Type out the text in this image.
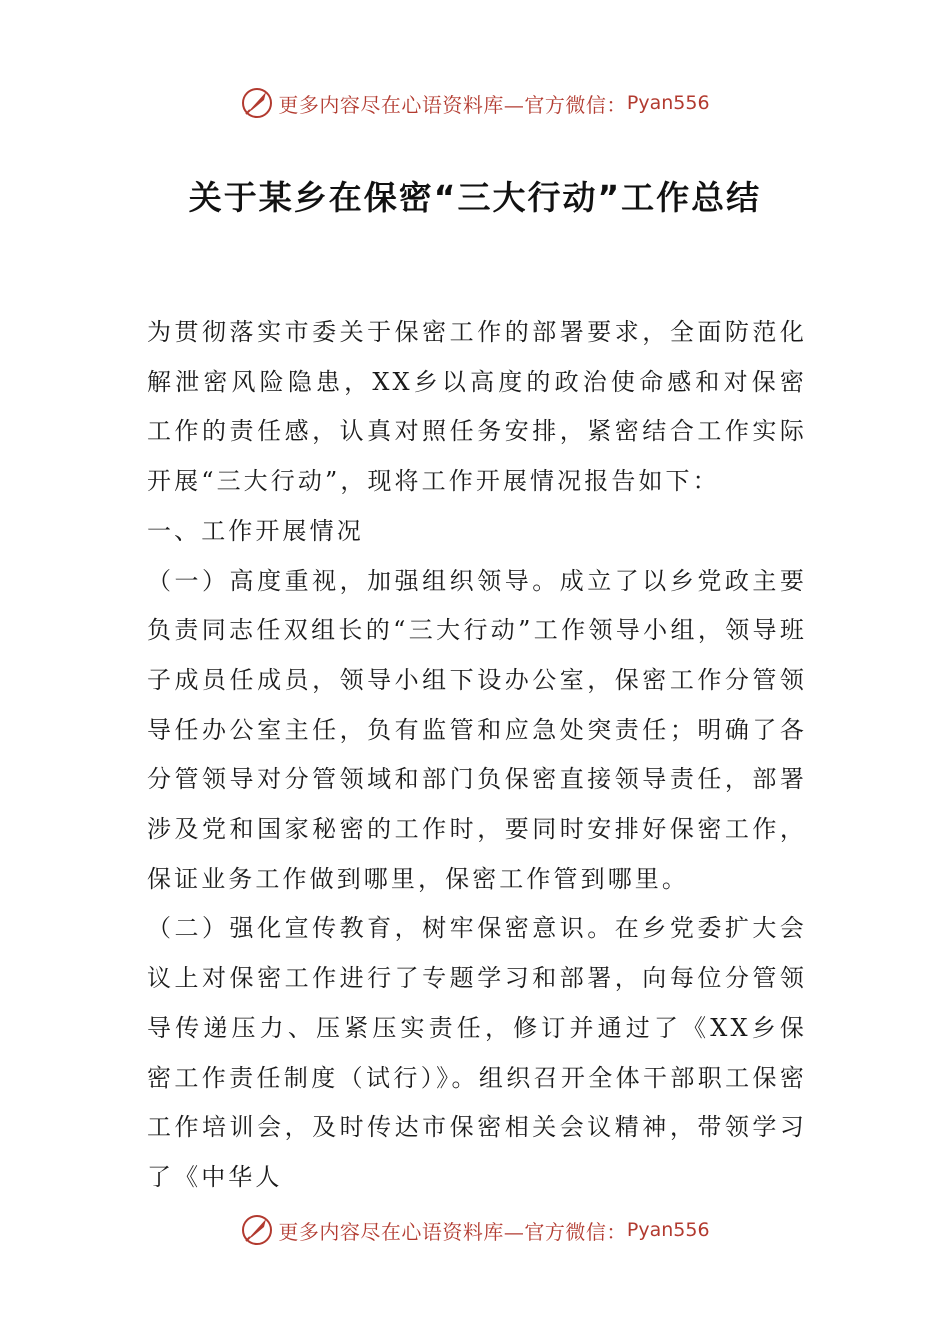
更多内容尽在心语资料库—官方微信： Pyan556
关于某乡在保密“三大行动”工作总结

为贯彻落实市委关于保密工作的部署要求，全面防范化解泄密风险隐患，XX乡以高度的政治使命感和对保密工作的责任感，认真对照任务安排，紧密结合工作实际开展“三大行动”，现将工作开展情况报告如下：

一、工作开展情况

（一）高度重视，加强组织领导。成立了以乡党政主要负责同志任双组长的“三大行动”工作领导小组，领导班子成员任成员，领导小组下设办公室，保密工作分管领导任办公室主任，负有监管和应急处突责任；明确了各分管领导对分管领域和部门负保密直接领导责任，部署涉及党和国家秘密的工作时，要同时安排好保密工作，保证业务工作做到哪里，保密工作管到哪里。

（二）强化宣传教育，树牢保密意识。在乡党委扩大会议上对保密工作进行了专题学习和部署，向每位分管领导传递压力、压紧压实责任，修订并通过了《XX乡保密工作责任制度（试行）》。组织召开全体干部职工保密工作培训会，及时传达市保密相关会议精神，带领学习了《中华人

更多内容尽在心语资料库—官方微信： Pyan556
